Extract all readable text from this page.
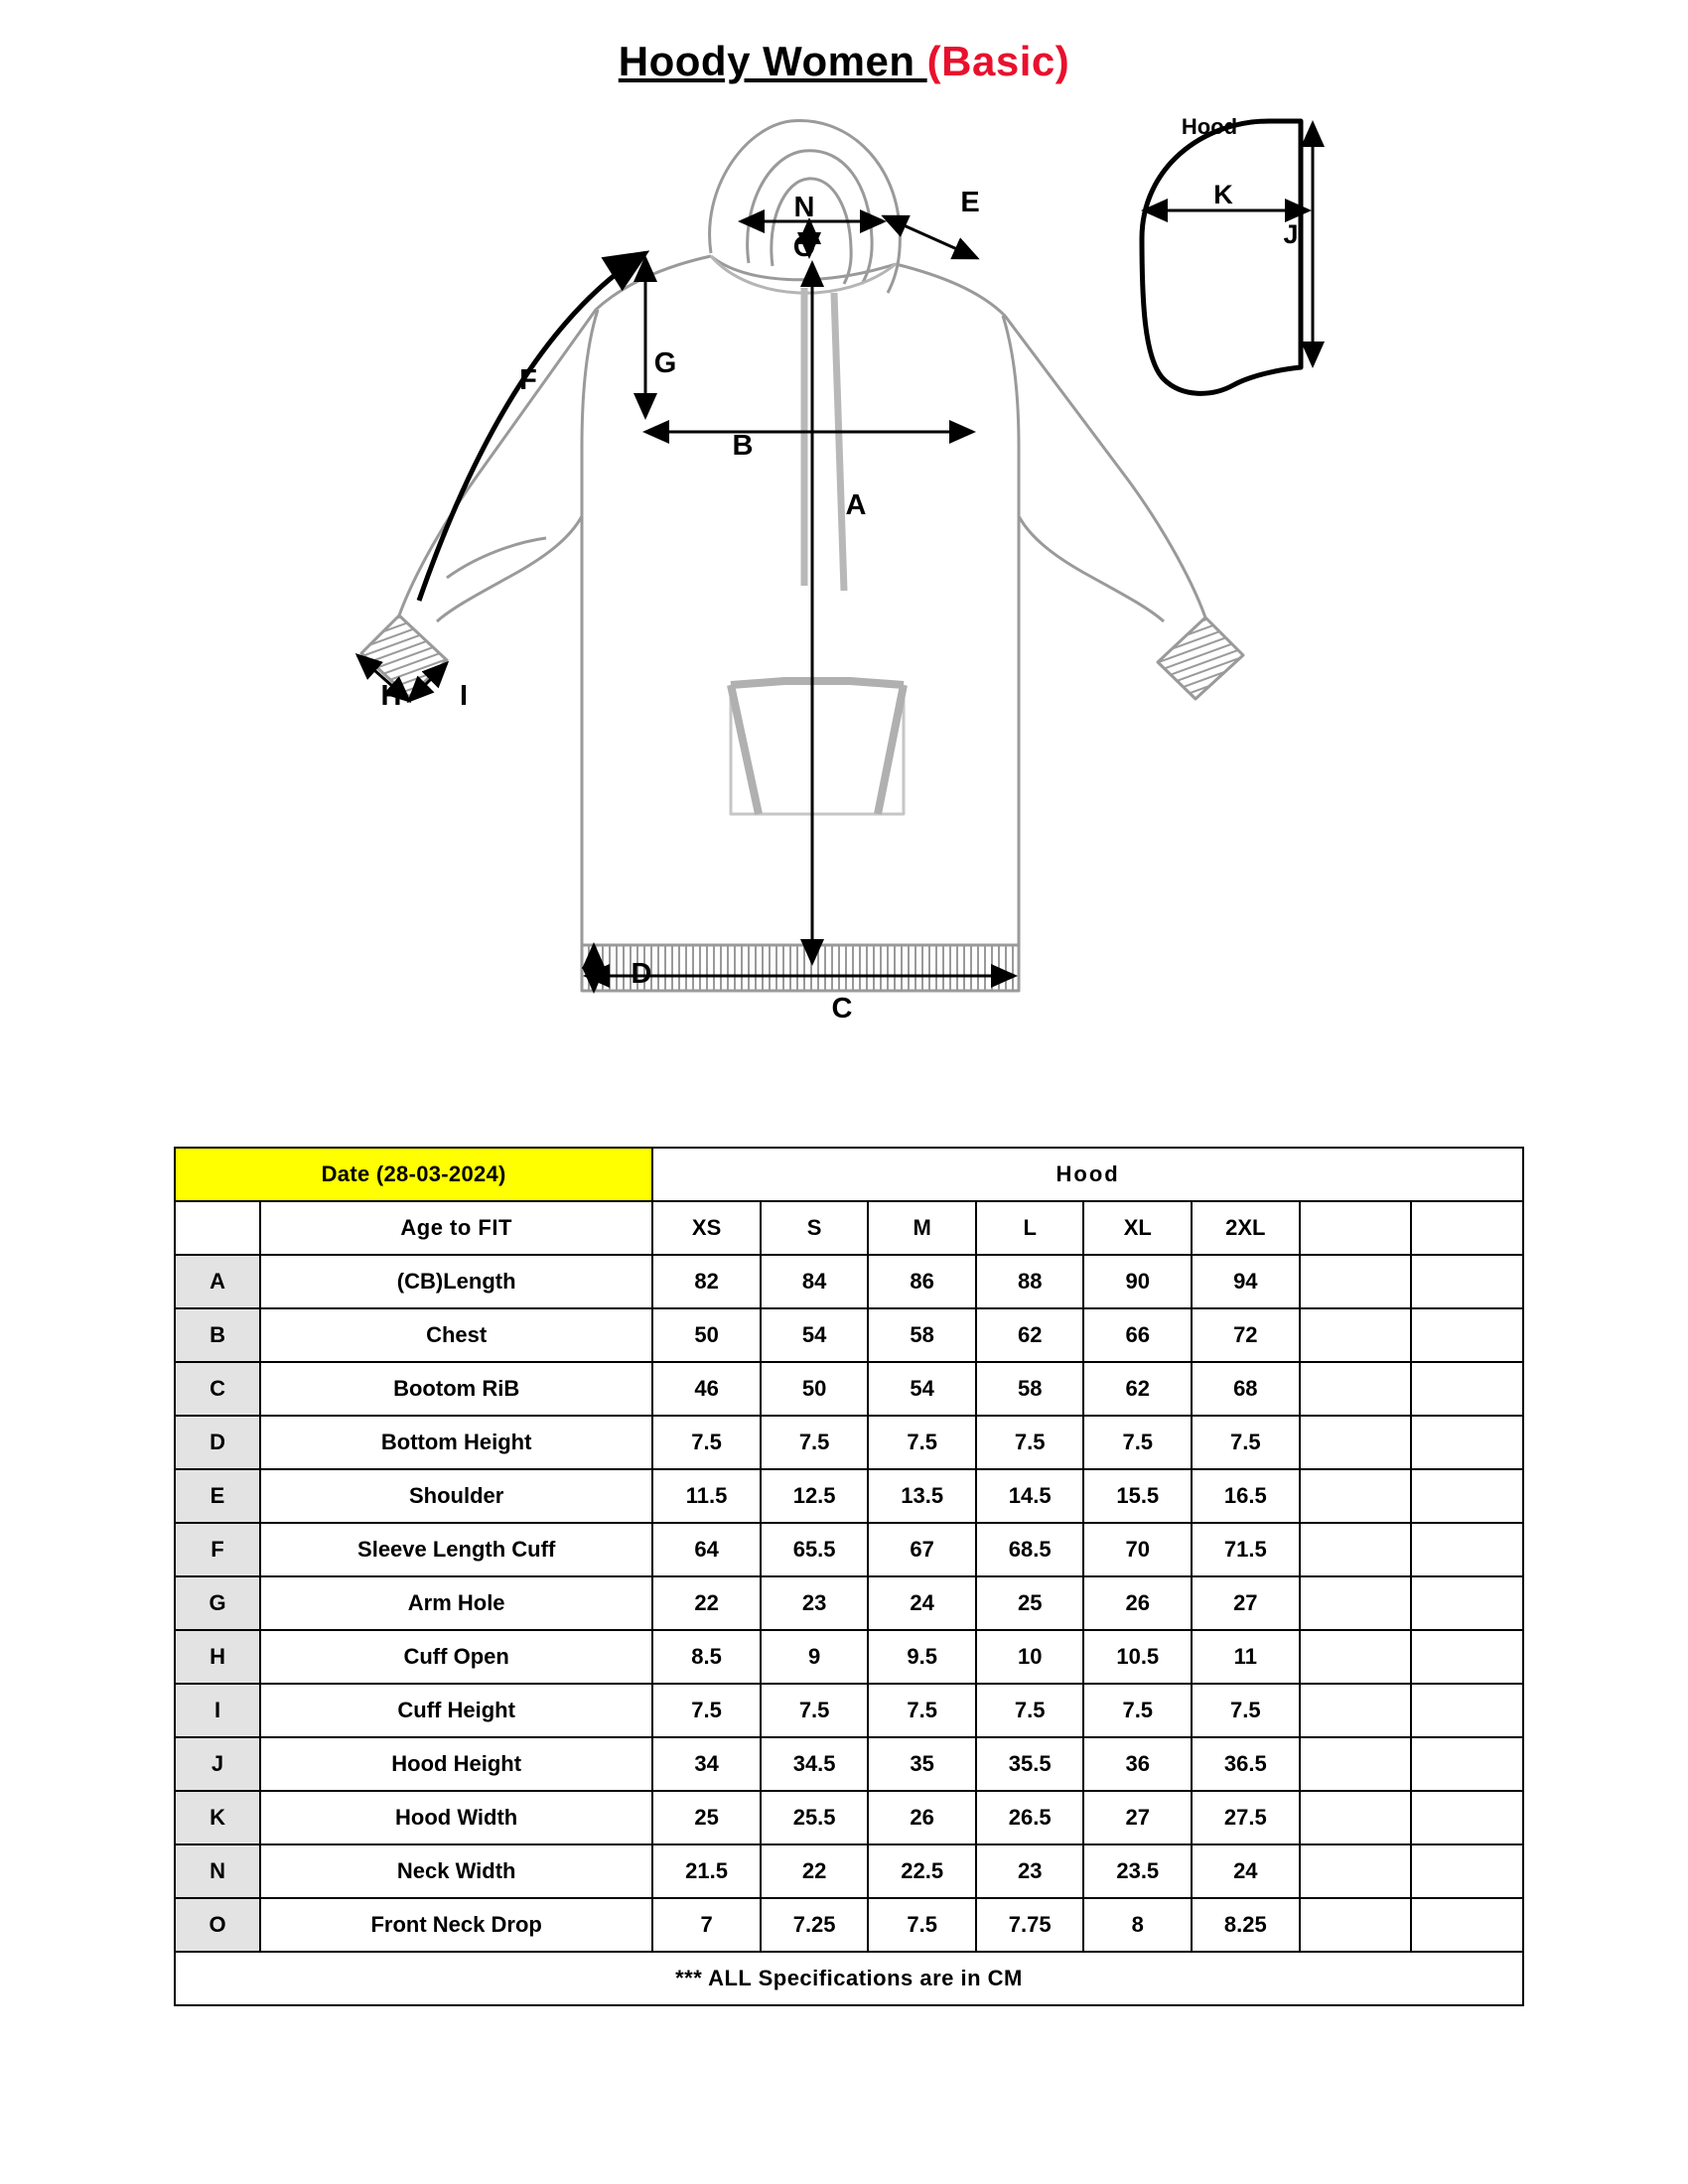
Hoody Women (Basic)
N
O
E
F
G
B
A
C
D
H I
K
J
Hood
Date (28-03-2024)		Hood							
	Age to FIT	XS	S	M	L	XL	2XL		
A	(CB)Length	82	84	86	88	90	94		
B	Chest	50	54	58	62	66	72		
C	Bootom RiB	46	50	54	58	62	68		
D	Bottom Height	7.5	7.5	7.5	7.5	7.5	7.5		
E	Shoulder	11.5	12.5	13.5	14.5	15.5	16.5		
F	Sleeve Length Cuff	64	65.5	67	68.5	70	71.5		
G	Arm Hole	22	23	24	25	26	27		
H	Cuff Open	8.5	9	9.5	10	10.5	11		
I	Cuff Height	7.5	7.5	7.5	7.5	7.5	7.5		
J	Hood Height	34	34.5	35	35.5	36	36.5		
K	Hood Width	25	25.5	26	26.5	27	27.5		
N	Neck Width	21.5	22	22.5	23	23.5	24		
O	Front Neck Drop	7	7.25	7.5	7.75	8	8.25		
*** ALL Specifications are in CM									
